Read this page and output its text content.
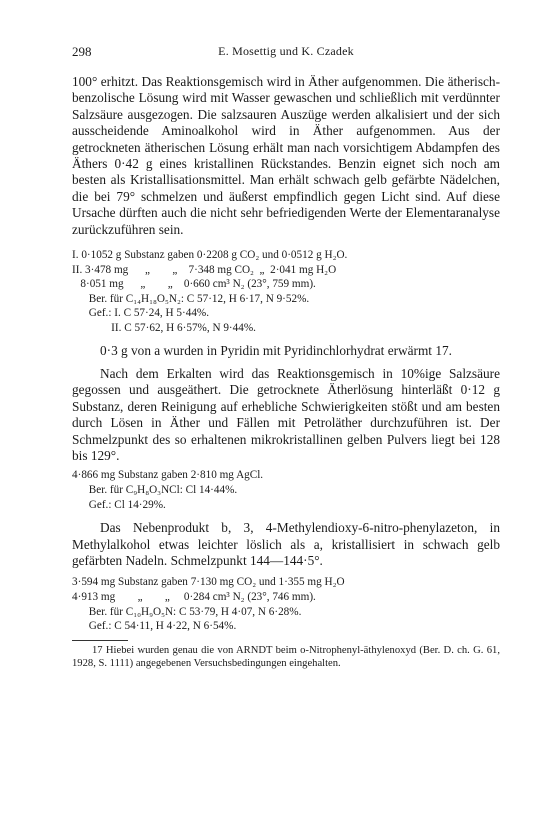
298	E. Mosettig und K. Czadek

100° erhitzt. Das Reaktionsgemisch wird in Äther aufgenommen. Die ätherisch-benzolische Lösung wird mit Wasser gewaschen und schließlich mit verdünnter Salzsäure ausgezogen. Die salzsauren Auszüge werden alkalisiert und der sich ausscheidende Aminoalkohol wird in Äther aufgenommen. Aus der getrockneten ätherischen Lösung erhält man nach vorsichtigem Abdampfen des Äthers 0·42 g eines kristallinen Rückstandes. Benzin eignet sich noch am besten als Kristallisationsmittel. Man erhält schwach gelb gefärbte Nädelchen, die bei 79° schmelzen und äußerst empfindlich gegen Licht sind. Auf diese Ursache dürften auch die nicht sehr befriedigenden Werte der Elementaranalyse zurückzuführen sein.

I. 0·1052 g Substanz gaben 0·2208 g CO₂ und 0·0512 g H₂O.

II. 3·478 mg      „        „    7·348 mg CO₂  „  2·041 mg H₂O

8·051 mg      „        „    0·660 cm³ N₂ (23°, 759 mm).

Ber. für C₁₄H₁₈O₅N₂: C 57·12, H 6·17, N 9·52%.

Gef.: I. C 57·24, H 5·44%.

II. C 57·62, H 6·57%, N 9·44%.

0·3 g von a wurden in Pyridin mit Pyridinchlorhydrat erwärmt 17.

Nach dem Erkalten wird das Reaktionsgemisch in 10%ige Salzsäure gegossen und ausgeäthert. Die getrocknete Ätherlösung hinterläßt 0·12 g Substanz, deren Reinigung auf erhebliche Schwierigkeiten stößt und am besten durch Lösen in Äther und Fällen mit Petroläther durchzuführen ist. Der Schmelzpunkt des so erhaltenen mikrokristallinen gelben Pulvers liegt bei 128 bis 129°.

4·866 mg Substanz gaben 2·810 mg AgCl.

Ber. für C₉H₈O₃NCl: Cl 14·44%.

Gef.: Cl 14·29%.

Das Nebenprodukt b, 3, 4-Methylendioxy-6-nitro-phenylazeton, in Methylalkohol etwas leichter löslich als a, kristallisiert in schwach gelb gefärbten Nadeln. Schmelzpunkt 144—144·5°.

3·594 mg Substanz gaben 7·130 mg CO₂ und 1·355 mg H₂O

4·913 mg        „        „     0·284 cm³ N₂ (23°, 746 mm).

Ber. für C₁₀H₉O₅N: C 53·79, H 4·07, N 6·28%.

Gef.: C 54·11, H 4·22, N 6·54%.

17 Hiebei wurden genau die von ARNDT beim o-Nitrophenyl-äthylenoxyd (Ber. D. ch. G. 61, 1928, S. 1111) angegebenen Versuchsbedingungen eingehalten.
